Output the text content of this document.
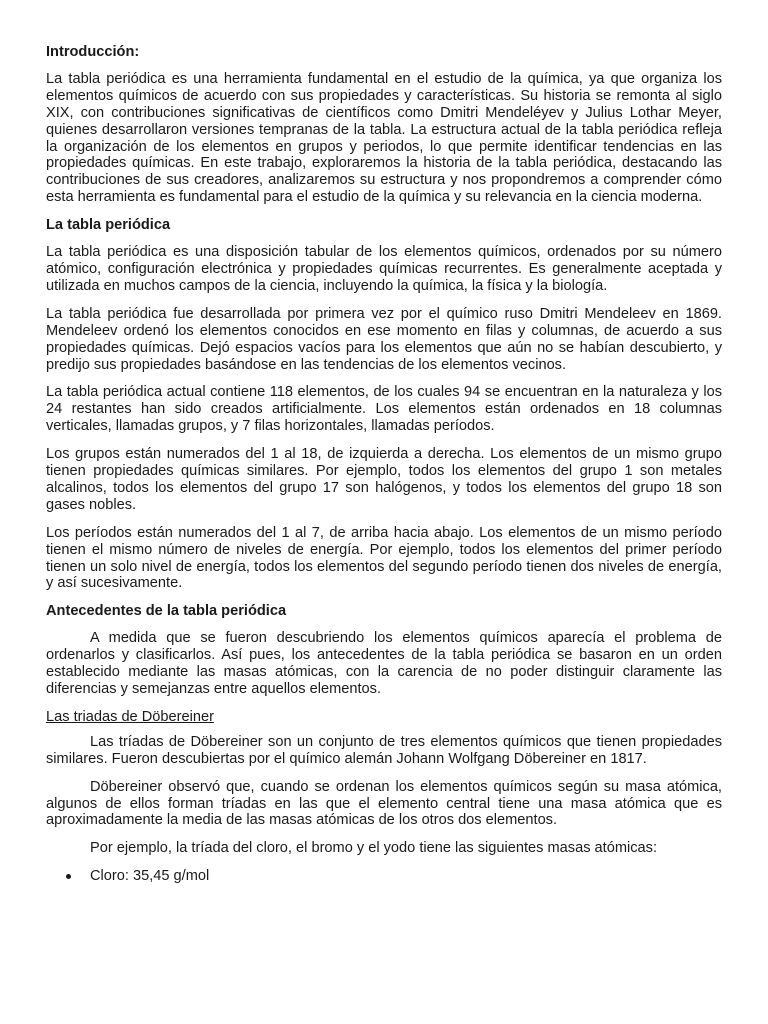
Introducción:

La tabla periódica es una herramienta fundamental en el estudio de la química, ya que organiza los elementos químicos de acuerdo con sus propiedades y características. Su historia se remonta al siglo XIX, con contribuciones significativas de científicos como Dmitri Mendeléyev y Julius Lothar Meyer, quienes desarrollaron versiones tempranas de la tabla. La estructura actual de la tabla periódica refleja la organización de los elementos en grupos y periodos, lo que permite identificar tendencias en las propiedades químicas. En este trabajo, exploraremos la historia de la tabla periódica, destacando las contribuciones de sus creadores, analizaremos su estructura y nos propondremos a comprender cómo esta herramienta es fundamental para el estudio de la química y su relevancia en la ciencia moderna.

La tabla periódica

La tabla periódica es una disposición tabular de los elementos químicos, ordenados por su número atómico, configuración electrónica y propiedades químicas recurrentes. Es generalmente aceptada y utilizada en muchos campos de la ciencia, incluyendo la química, la física y la biología.

La tabla periódica fue desarrollada por primera vez por el químico ruso Dmitri Mendeleev en 1869. Mendeleev ordenó los elementos conocidos en ese momento en filas y columnas, de acuerdo a sus propiedades químicas. Dejó espacios vacíos para los elementos que aún no se habían descubierto, y predijo sus propiedades basándose en las tendencias de los elementos vecinos.

La tabla periódica actual contiene 118 elementos, de los cuales 94 se encuentran en la naturaleza y los 24 restantes han sido creados artificialmente. Los elementos están ordenados en 18 columnas verticales, llamadas grupos, y 7 filas horizontales, llamadas períodos.

Los grupos están numerados del 1 al 18, de izquierda a derecha. Los elementos de un mismo grupo tienen propiedades químicas similares. Por ejemplo, todos los elementos del grupo 1 son metales alcalinos, todos los elementos del grupo 17 son halógenos, y todos los elementos del grupo 18 son gases nobles.

Los períodos están numerados del 1 al 7, de arriba hacia abajo. Los elementos de un mismo período tienen el mismo número de niveles de energía. Por ejemplo, todos los elementos del primer período tienen un solo nivel de energía, todos los elementos del segundo período tienen dos niveles de energía, y así sucesivamente.

Antecedentes de la tabla periódica

A medida que se fueron descubriendo los elementos químicos aparecía el problema de ordenarlos y clasificarlos. Así pues, los antecedentes de la tabla periódica se basaron en un orden establecido mediante las masas atómicas, con la carencia de no poder distinguir claramente las diferencias y semejanzas entre aquellos elementos.

Las triadas de Döbereiner

Las tríadas de Döbereiner son un conjunto de tres elementos químicos que tienen propiedades similares. Fueron descubiertas por el químico alemán Johann Wolfgang Döbereiner en 1817.

Döbereiner observó que, cuando se ordenan los elementos químicos según su masa atómica, algunos de ellos forman tríadas en las que el elemento central tiene una masa atómica que es aproximadamente la media de las masas atómicas de los otros dos elementos.

Por ejemplo, la tríada del cloro, el bromo y el yodo tiene las siguientes masas atómicas:

Cloro: 35,45 g/mol
